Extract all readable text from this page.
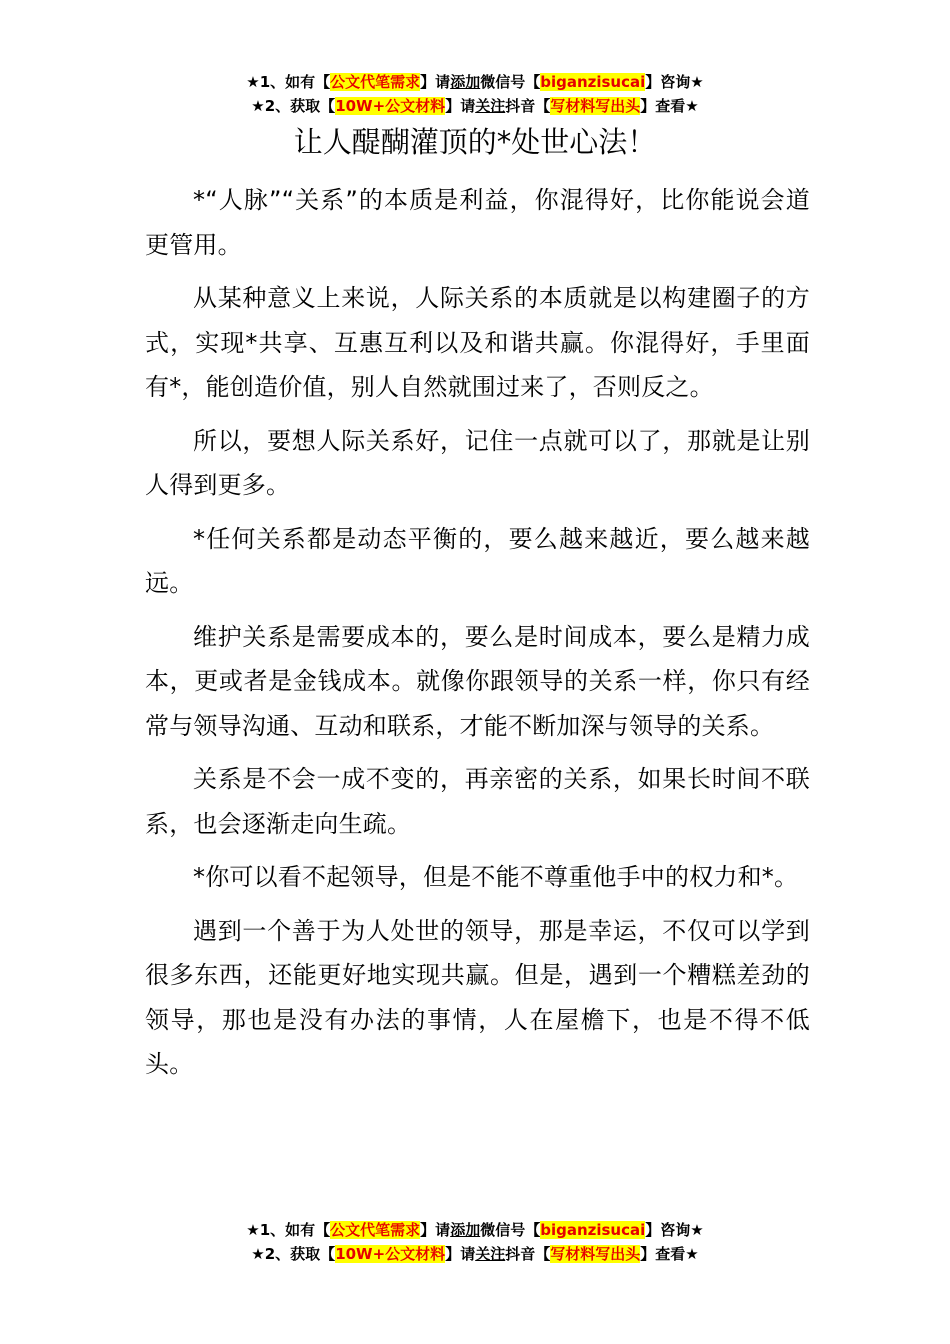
★1、如有【公文代笔需求】请添加微信号【biganzisucai】咨询★
★2、获取【10W+公文材料】请关注抖音【写材料写出头】查看★
让人醍醐灌顶的*处世心法！

*“人脉”“关系”的本质是利益，你混得好，比你能说会道更管用。

从某种意义上来说，人际关系的本质就是以构建圈子的方式，实现*共享、互惠互利以及和谐共赢。你混得好，手里面有*，能创造价值，别人自然就围过来了，否则反之。

所以，要想人际关系好，记住一点就可以了，那就是让别人得到更多。

*任何关系都是动态平衡的，要么越来越近，要么越来越远。

维护关系是需要成本的，要么是时间成本，要么是精力成本，更或者是金钱成本。就像你跟领导的关系一样，你只有经常与领导沟通、互动和联系，才能不断加深与领导的关系。

关系是不会一成不变的，再亲密的关系，如果长时间不联系，也会逐渐走向生疏。

*你可以看不起领导，但是不能不尊重他手中的权力和*。

遇到一个善于为人处世的领导，那是幸运，不仅可以学到很多东西，还能更好地实现共赢。但是，遇到一个糟糕差劲的领导，那也是没有办法的事情，人在屋檐下，也是不得不低头。

★1、如有【公文代笔需求】请添加微信号【biganzisucai】咨询★
★2、获取【10W+公文材料】请关注抖音【写材料写出头】查看★
